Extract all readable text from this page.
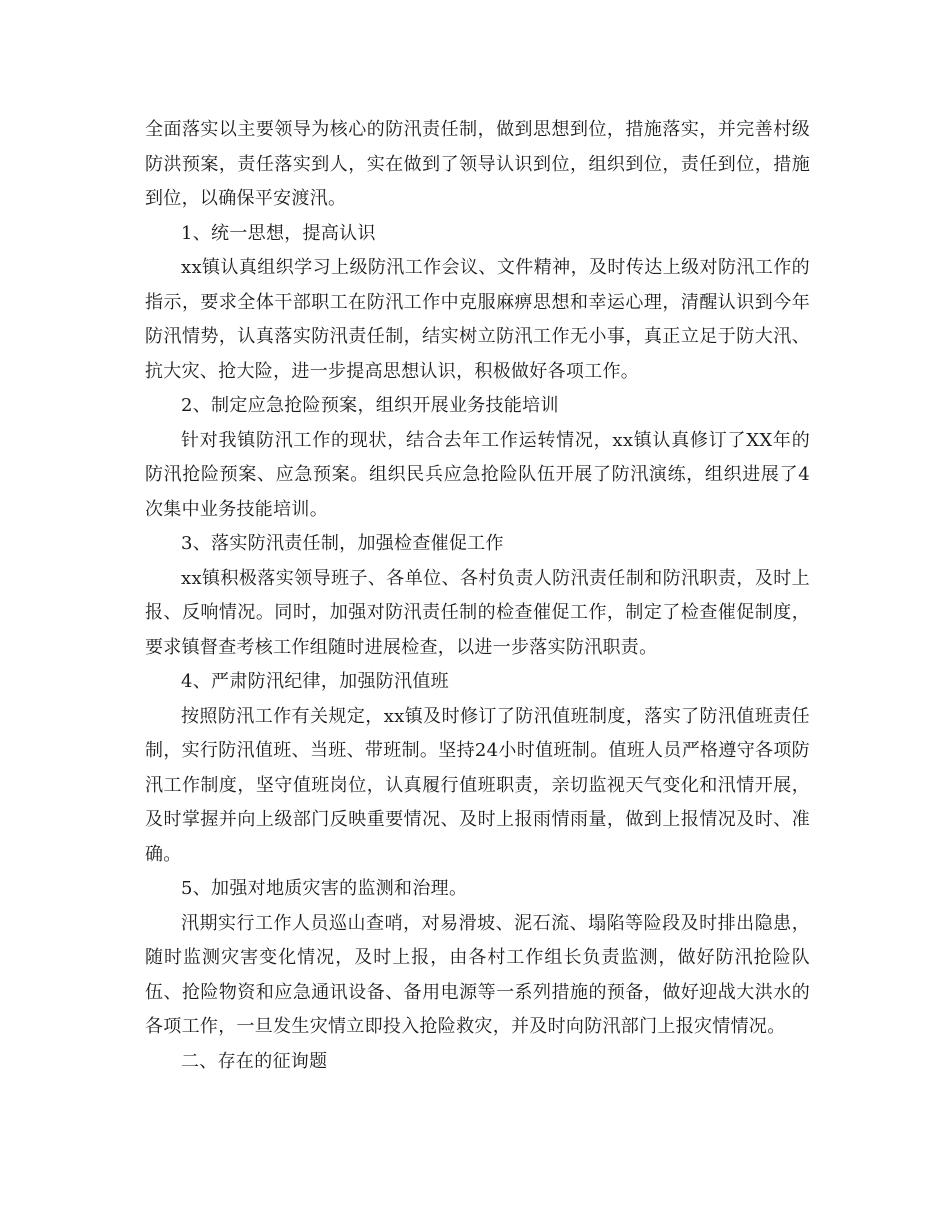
全面落实以主要领导为核心的防汛责任制，做到思想到位，措施落实，并完善村级防洪预案，责任落实到人，实在做到了领导认识到位，组织到位，责任到位，措施到位，以确保平安渡汛。

1、统一思想，提高认识

xx镇认真组织学习上级防汛工作会议、文件精神，及时传达上级对防汛工作的指示，要求全体干部职工在防汛工作中克服麻痹思想和幸运心理，清醒认识到今年防汛情势，认真落实防汛责任制，结实树立防汛工作无小事，真正立足于防大汛、抗大灾、抢大险，进一步提高思想认识，积极做好各项工作。

2、制定应急抢险预案，组织开展业务技能培训

针对我镇防汛工作的现状，结合去年工作运转情况，xx镇认真修订了XX年的防汛抢险预案、应急预案。组织民兵应急抢险队伍开展了防汛演练，组织进展了4次集中业务技能培训。

3、落实防汛责任制，加强检查催促工作

xx镇积极落实领导班子、各单位、各村负责人防汛责任制和防汛职责，及时上报、反响情况。同时，加强对防汛责任制的检查催促工作，制定了检查催促制度，要求镇督查考核工作组随时进展检查，以进一步落实防汛职责。

4、严肃防汛纪律，加强防汛值班

按照防汛工作有关规定，xx镇及时修订了防汛值班制度，落实了防汛值班责任制，实行防汛值班、当班、带班制。坚持24小时值班制。值班人员严格遵守各项防汛工作制度，坚守值班岗位，认真履行值班职责，亲切监视天气变化和汛情开展，及时掌握并向上级部门反映重要情况、及时上报雨情雨量，做到上报情况及时、准确。

5、加强对地质灾害的监测和治理。

汛期实行工作人员巡山查哨，对易滑坡、泥石流、塌陷等险段及时排出隐患，随时监测灾害变化情况，及时上报，由各村工作组长负责监测，做好防汛抢险队伍、抢险物资和应急通讯设备、备用电源等一系列措施的预备，做好迎战大洪水的各项工作，一旦发生灾情立即投入抢险救灾，并及时向防汛部门上报灾情情况。

二、存在的征询题
